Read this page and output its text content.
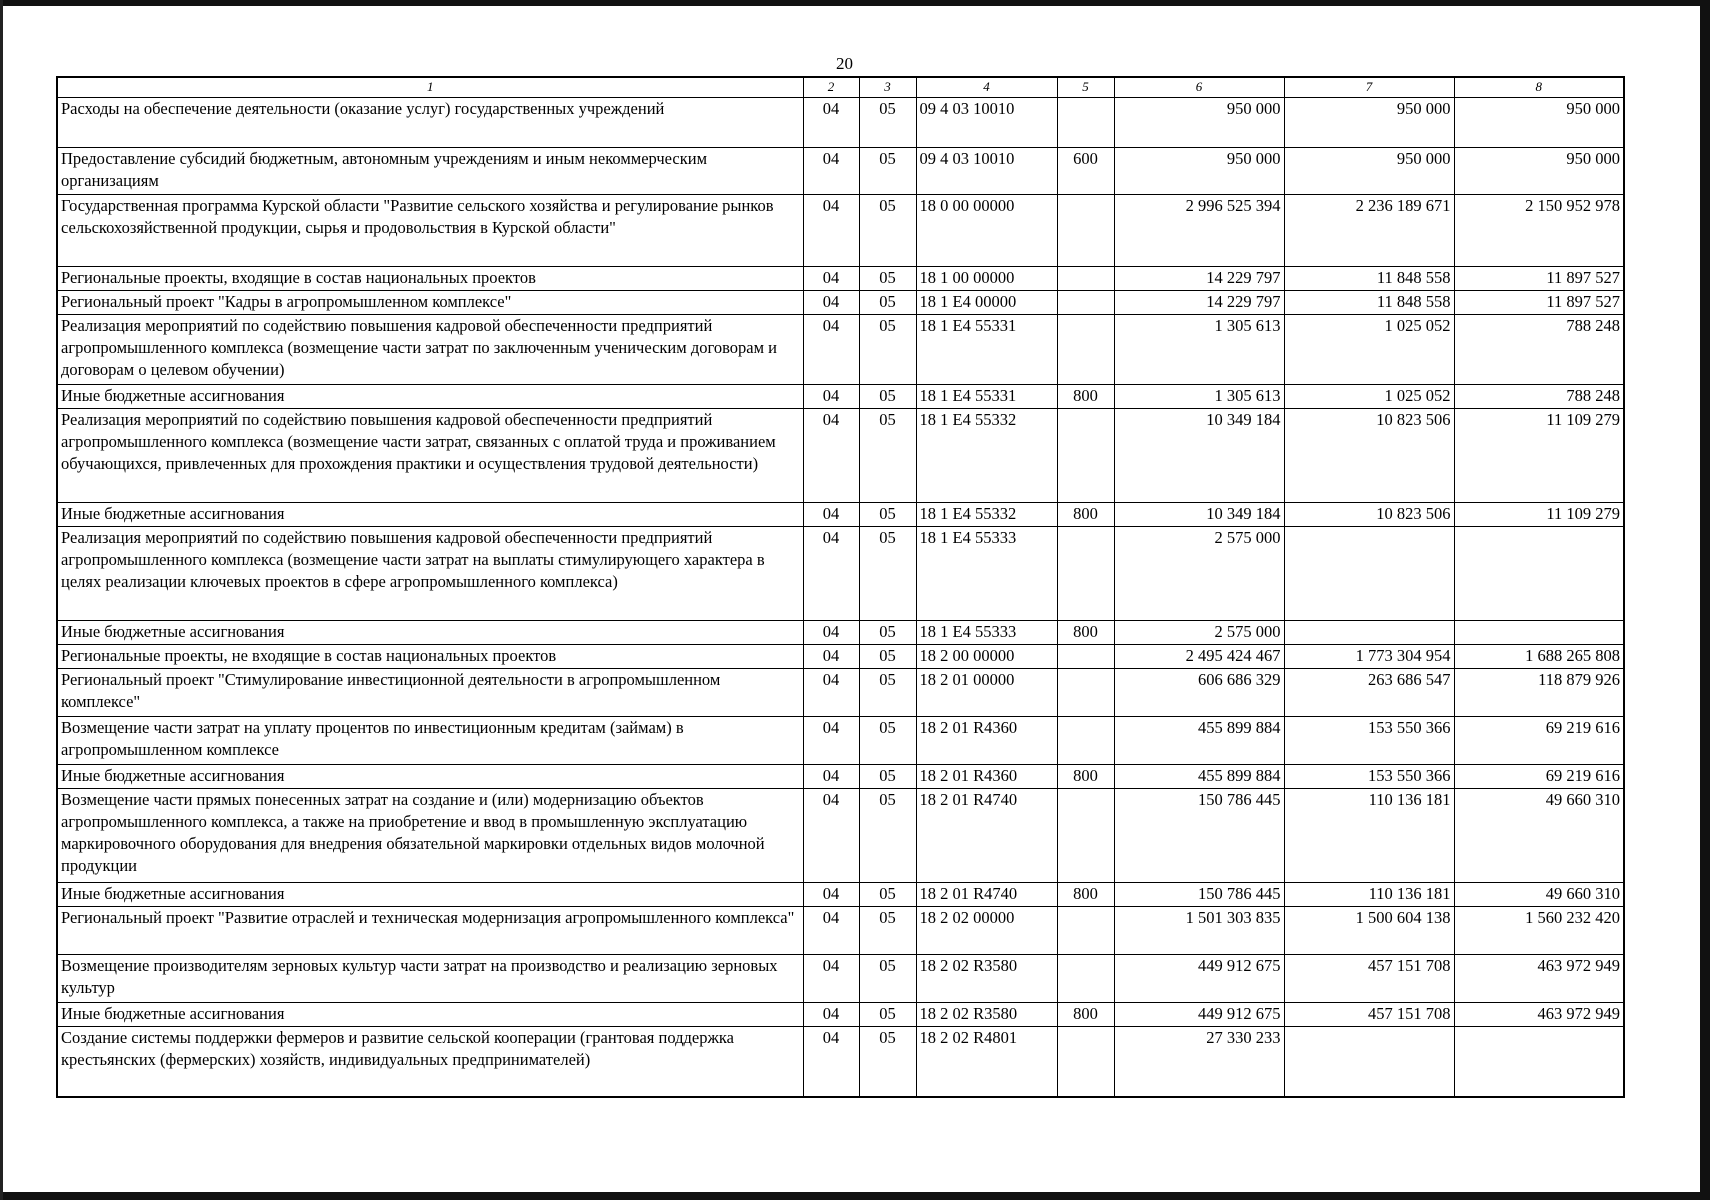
20
1	2	3	4	5	6	7	8
Расходы на обеспечение деятельности (оказание услуг) государственных учреждений	04	05	09 4 03 10010		950 000	950 000	950 000
Предоставление субсидий бюджетным, автономным учреждениям и иным некоммерческим организациям	04	05	09 4 03 10010	600	950 000	950 000	950 000
Государственная программа Курской области "Развитие сельского хозяйства и регулирование рынков сельскохозяйственной продукции, сырья и продовольствия в Курской области"	04	05	18 0 00 00000		2 996 525 394	2 236 189 671	2 150 952 978
Региональные проекты, входящие в состав национальных проектов	04	05	18 1 00 00000		14 229 797	11 848 558	11 897 527
Региональный проект "Кадры в агропромышленном комплексе"	04	05	18 1 E4 00000		14 229 797	11 848 558	11 897 527
Реализация мероприятий по содействию повышения кадровой обеспеченности предприятий агропромышленного комплекса (возмещение части затрат по заключенным ученическим договорам и договорам о целевом обучении)	04	05	18 1 E4 55331		1 305 613	1 025 052	788 248
Иные бюджетные ассигнования	04	05	18 1 E4 55331	800	1 305 613	1 025 052	788 248
Реализация мероприятий по содействию повышения кадровой обеспеченности предприятий агропромышленного комплекса (возмещение части затрат, связанных с оплатой труда и проживанием обучающихся, привлеченных для прохождения практики и осуществления трудовой деятельности)	04	05	18 1 E4 55332		10 349 184	10 823 506	11 109 279
Иные бюджетные ассигнования	04	05	18 1 E4 55332	800	10 349 184	10 823 506	11 109 279
Реализация мероприятий по содействию повышения кадровой обеспеченности предприятий агропромышленного комплекса (возмещение части затрат на выплаты стимулирующего характера в целях реализации ключевых проектов в сфере агропромышленного комплекса)	04	05	18 1 E4 55333		2 575 000		
Иные бюджетные ассигнования	04	05	18 1 E4 55333	800	2 575 000		
Региональные проекты, не входящие в состав национальных проектов	04	05	18 2 00 00000		2 495 424 467	1 773 304 954	1 688 265 808
Региональный проект "Стимулирование инвестиционной деятельности в агропромышленном комплексе"	04	05	18 2 01 00000		606 686 329	263 686 547	118 879 926
Возмещение части затрат на уплату процентов по инвестиционным кредитам (займам) в агропромышленном комплексе	04	05	18 2 01 R4360		455 899 884	153 550 366	69 219 616
Иные бюджетные ассигнования	04	05	18 2 01 R4360	800	455 899 884	153 550 366	69 219 616
Возмещение части прямых понесенных затрат на создание и (или) модернизацию объектов агропромышленного комплекса, а также на приобретение и ввод в промышленную эксплуатацию маркировочного оборудования для внедрения обязательной маркировки отдельных видов молочной продукции	04	05	18 2 01 R4740		150 786 445	110 136 181	49 660 310
Иные бюджетные ассигнования	04	05	18 2 01 R4740	800	150 786 445	110 136 181	49 660 310
Региональный проект "Развитие отраслей и техническая модернизация агропромышленного комплекса"	04	05	18 2 02 00000		1 501 303 835	1 500 604 138	1 560 232 420
Возмещение производителям зерновых культур части затрат на производство и реализацию зерновых культур	04	05	18 2 02 R3580		449 912 675	457 151 708	463 972 949
Иные бюджетные ассигнования	04	05	18 2 02 R3580	800	449 912 675	457 151 708	463 972 949
Создание системы поддержки фермеров и развитие сельской кооперации (грантовая поддержка крестьянских (фермерских) хозяйств, индивидуальных предпринимателей)	04	05	18 2 02 R4801		27 330 233		
